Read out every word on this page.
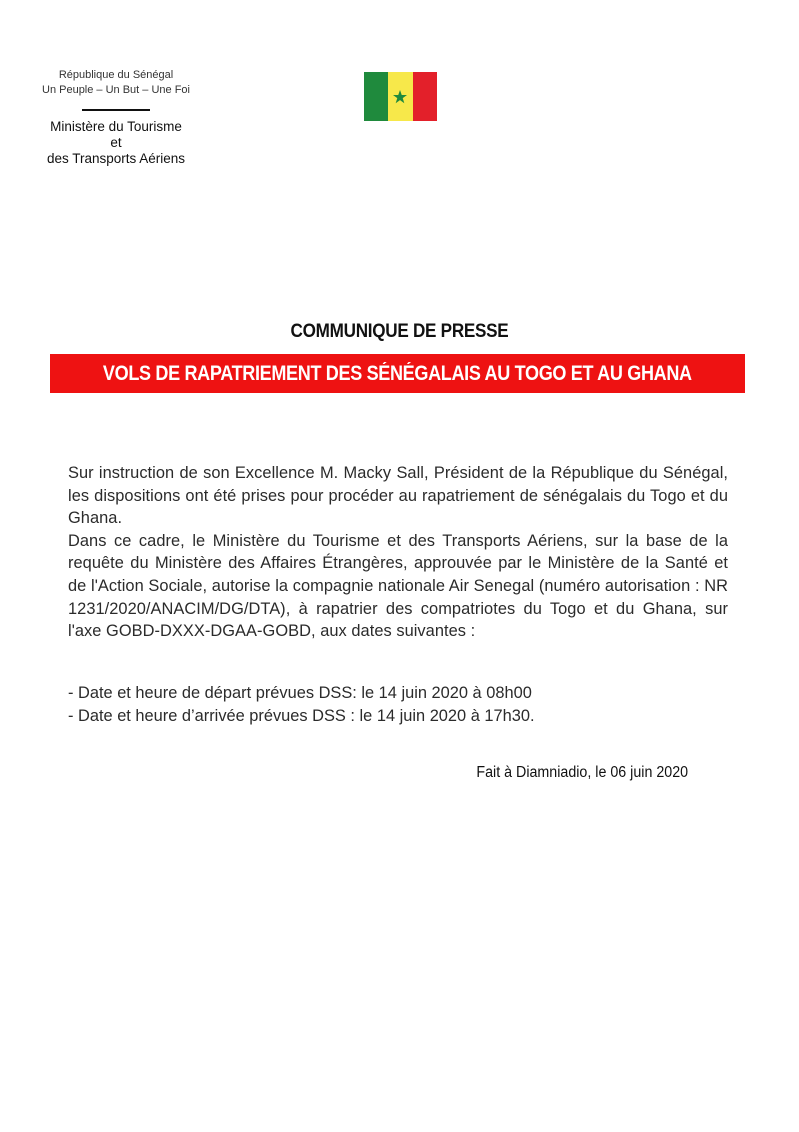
République du Sénégal
Un Peuple – Un But – Une Foi
Ministère du Tourisme
et
des Transports Aériens
COMMUNIQUE DE PRESSE
VOLS DE RAPATRIEMENT DES SÉNÉGALAIS AU TOGO ET AU GHANA

Sur instruction de son Excellence M. Macky Sall, Président de la République du Sénégal, les dispositions ont été prises pour procéder au rapatriement de sénégalais du Togo et du Ghana.

Dans ce cadre, le Ministère du Tourisme et des Transports Aériens, sur la base de la requête du Ministère des Affaires Étrangères, approuvée par le Ministère de la Santé et de l'Action Sociale, autorise la compagnie nationale Air Senegal (numéro autorisation : NR 1231/2020/ANACIM/DG/DTA), à rapatrier des compatriotes du Togo et du Ghana, sur l'axe GOBD-DXXX-DGAA-GOBD, aux dates suivantes :

- Date et heure de départ prévues DSS: le 14 juin 2020 à 08h00
- Date et heure d’arrivée prévues DSS : le 14 juin 2020 à 17h30.
Fait à Diamniadio, le 06 juin 2020
